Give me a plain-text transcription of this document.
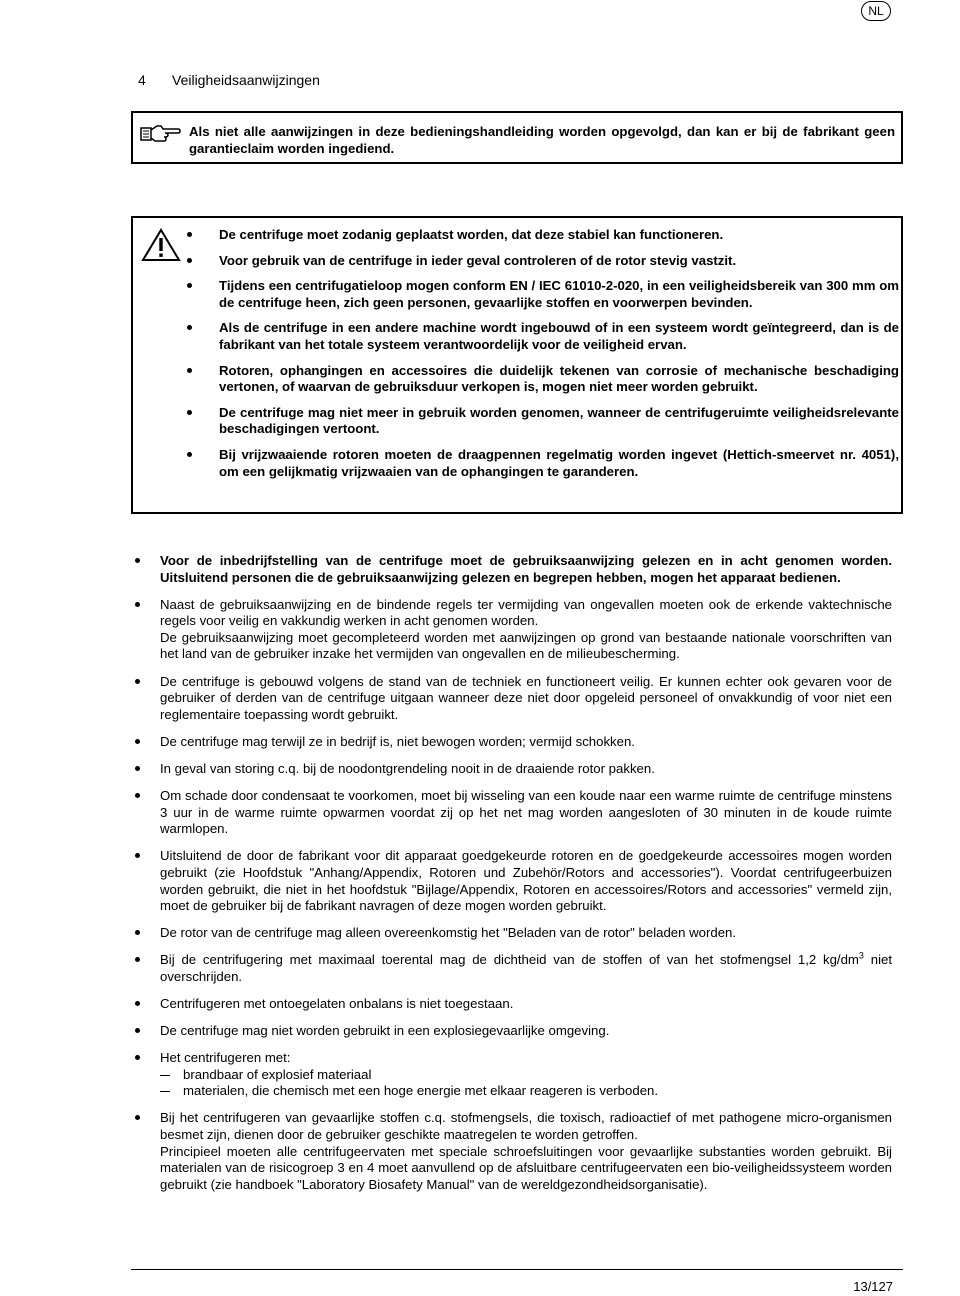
NL
4 Veiligheidsaanwijzingen
Als niet alle aanwijzingen in deze bedieningshandleiding worden opgevolgd, dan kan er bij de fabrikant geen garantieclaim worden ingediend.
De centrifuge moet zodanig geplaatst worden, dat deze stabiel kan functioneren.
Voor gebruik van de centrifuge in ieder geval controleren of de rotor stevig vastzit.
Tijdens een centrifugatieloop mogen conform EN / IEC 61010-2-020, in een veiligheidsbereik van 300 mm om de centrifuge heen, zich geen personen, gevaarlijke stoffen en voorwerpen bevinden.
Als de centrifuge in een andere machine wordt ingebouwd of in een systeem wordt geïntegreerd, dan is de fabrikant van het totale systeem verantwoordelijk voor de veiligheid ervan.
Rotoren, ophangingen en accessoires die duidelijk tekenen van corrosie of mechanische beschadiging vertonen, of waarvan de gebruiksduur verkopen is, mogen niet meer worden gebruikt.
De centrifuge mag niet meer in gebruik worden genomen, wanneer de centrifugeruimte veiligheidsrelevante beschadigingen vertoont.
Bij vrijzwaaiende rotoren moeten de draagpennen regelmatig worden ingevet (Hettich-smeervet nr. 4051), om een gelijkmatig vrijzwaaien van de ophangingen te garanderen.
Voor de inbedrijfstelling van de centrifuge moet de gebruiksaanwijzing gelezen en in acht genomen worden. Uitsluitend personen die de gebruiksaanwijzing gelezen en begrepen hebben, mogen het apparaat bedienen.
Naast de gebruiksaanwijzing en de bindende regels ter vermijding van ongevallen moeten ook de erkende vaktechnische regels voor veilig en vakkundig werken in acht genomen worden.
De gebruiksaanwijzing moet gecompleteerd worden met aanwijzingen op grond van bestaande nationale voorschriften van het land van de gebruiker inzake het vermijden van ongevallen en de milieubescherming.
De centrifuge is gebouwd volgens de stand van de techniek en functioneert veilig. Er kunnen echter ook gevaren voor de gebruiker of derden van de centrifuge uitgaan wanneer deze niet door opgeleid personeel of onvakkundig of voor niet een reglementaire toepassing wordt gebruikt.
De centrifuge mag terwijl ze in bedrijf is, niet bewogen worden; vermijd schokken.
In geval van storing c.q. bij de noodontgrendeling nooit in de draaiende rotor pakken.
Om schade door condensaat te voorkomen, moet bij wisseling van een koude naar een warme ruimte de centrifuge minstens 3 uur in de warme ruimte opwarmen voordat zij op het net mag worden aangesloten of 30 minuten in de koude ruimte warmlopen.
Uitsluitend de door de fabrikant voor dit apparaat goedgekeurde rotoren en de goedgekeurde accessoires mogen worden gebruikt (zie Hoofdstuk "Anhang/Appendix, Rotoren und Zubehör/Rotors and accessories"). Voordat centrifugeerbuizen worden gebruikt, die niet in het hoofdstuk "Bijlage/Appendix, Rotoren en accessoires/Rotors and accessories" vermeld zijn, moet de gebruiker bij de fabrikant navragen of deze mogen worden gebruikt.
De rotor van de centrifuge mag alleen overeenkomstig het "Beladen van de rotor" beladen worden.
Bij de centrifugering met maximaal toerental mag de dichtheid van de stoffen of van het stofmengsel 1,2 $kg/dm^3$ niet overschrijden.
Centrifugeren met ontoegelaten onbalans is niet toegestaan.
De centrifuge mag niet worden gebruikt in een explosiegevaarlijke omgeving.
Het centrifugeren met:
brandbaar of explosief materiaal
materialen, die chemisch met een hoge energie met elkaar reageren is verboden.
Bij het centrifugeren van gevaarlijke stoffen c.q. stofmengsels, die toxisch, radioactief of met pathogene micro-organismen besmet zijn, dienen door de gebruiker geschikte maatregelen te worden getroffen.
Principieel moeten alle centrifugeervaten met speciale schroefsluitingen voor gevaarlijke substanties worden gebruikt. Bij materialen van de risicogroep 3 en 4 moet aanvullend op de afsluitbare centrifugeervaten een bio-veiligheidssysteem worden gebruikt (zie handboek "Laboratory Biosafety Manual" van de wereldgezondheidsorganisatie).
13/127
